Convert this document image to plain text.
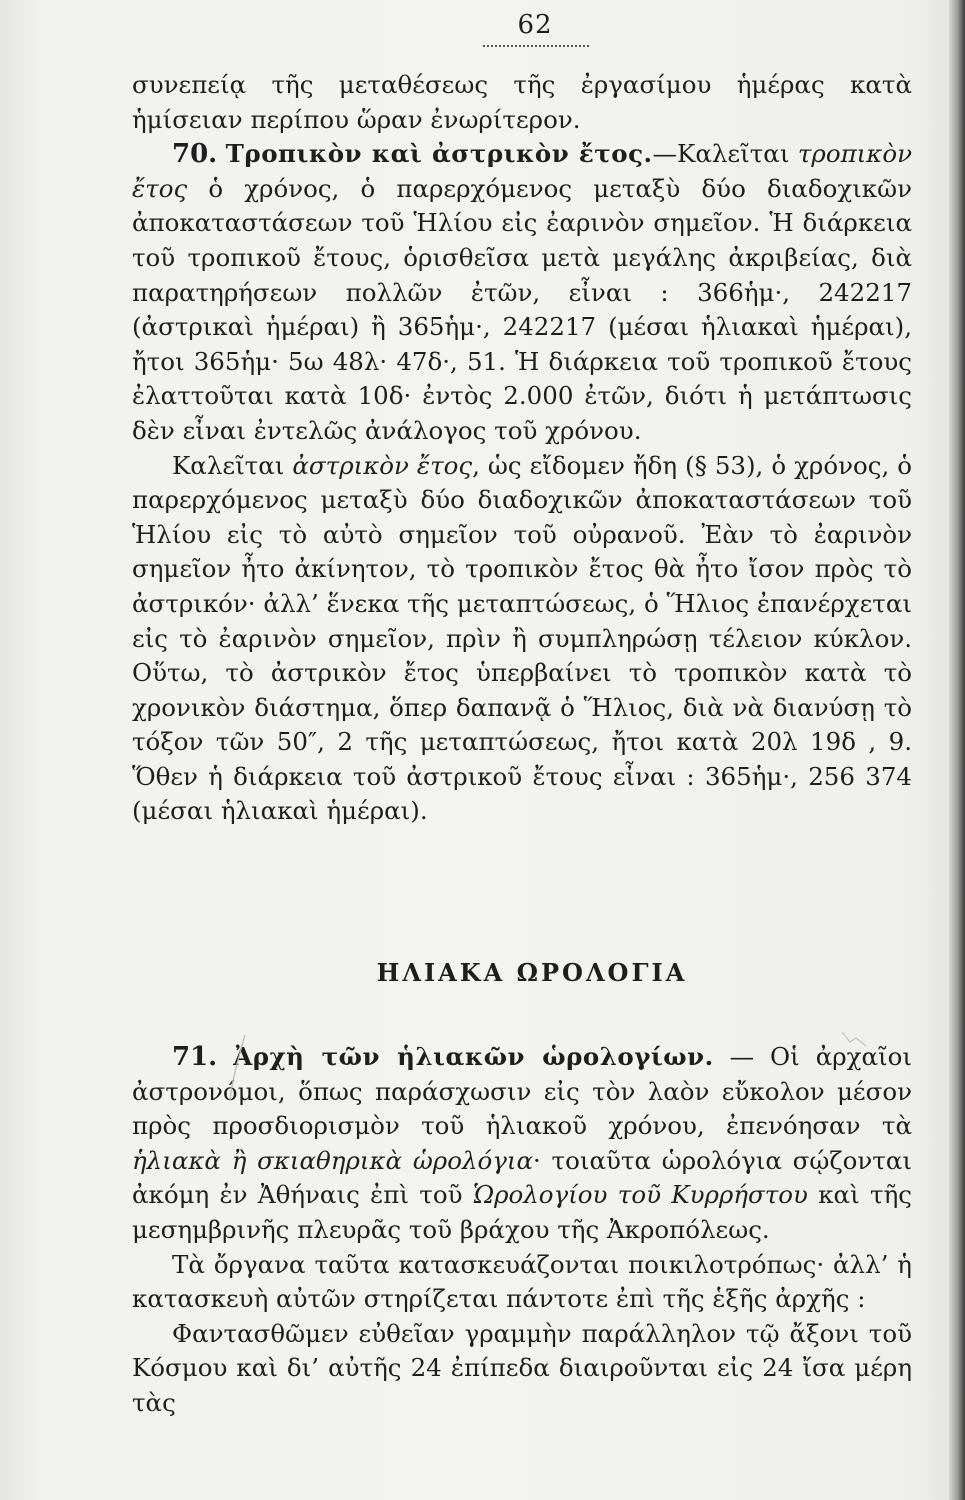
62

συνεπείᾳ τῆς μεταθέσεως τῆς ἐργασίμου ἡμέρας κατὰ ἡμίσειαν περίπου ὥραν ἐνωρίτερον.

70. Τροπικὸν καὶ ἀστρικὸν ἔτος.—Καλεῖται τροπικὸν ἔτος ὁ χρόνος, ὁ παρερχόμενος μεταξὺ δύο διαδοχικῶν ἀποκαταστάσεων τοῦ Ἡλίου εἰς ἐαρινὸν σημεῖον. Ἡ διάρκεια τοῦ τροπικοῦ ἔτους, ὁρισθεῖσα μετὰ μεγάλης ἀκριβείας, διὰ παρατηρήσεων πολλῶν ἐτῶν, εἶναι : 366ἡμ·, 242217 (ἀστρικαὶ ἡμέραι) ἢ 365ἡμ·, 242217 (μέσαι ἡλιακαὶ ἡμέραι), ἤτοι 365ἡμ· 5ω 48λ· 47δ·, 51. Ἡ διάρκεια τοῦ τροπικοῦ ἔτους ἐλαττοῦται κατὰ 10δ· ἐντὸς 2.000 ἐτῶν, διότι ἡ μετάπτωσις δὲν εἶναι ἐντελῶς ἀνάλογος τοῦ χρόνου.

Καλεῖται ἀστρικὸν ἔτος, ὡς εἴδομεν ἤδη (§ 53), ὁ χρόνος, ὁ παρερχόμενος μεταξὺ δύο διαδοχικῶν ἀποκαταστάσεων τοῦ Ἡλίου εἰς τὸ αὐτὸ σημεῖον τοῦ οὐρανοῦ. Ἐὰν τὸ ἐαρινὸν σημεῖον ἦτο ἀκίνητον, τὸ τροπικὸν ἔτος θὰ ἦτο ἴσον πρὸς τὸ ἀστρικόν· ἀλλ’ ἕνεκα τῆς μεταπτώσεως, ὁ Ἥλιος ἐπανέρχεται εἰς τὸ ἐαρινὸν σημεῖον, πρὶν ἢ συμπληρώσῃ τέλειον κύκλον. Οὕτω, τὸ ἀστρικὸν ἔτος ὑπερβαίνει τὸ τροπικὸν κατὰ τὸ χρονικὸν διάστημα, ὅπερ δαπανᾷ ὁ Ἥλιος, διὰ νὰ διανύσῃ τὸ τόξον τῶν 50″, 2 τῆς μεταπτώσεως, ἤτοι κατὰ 20λ 19δ , 9. Ὅθεν ἡ διάρκεια τοῦ ἀστρικοῦ ἔτους εἶναι : 365ἡμ·, 256 374 (μέσαι ἡλιακαὶ ἡμέραι).

ΗΛΙΑΚΑ ΩΡΟΛΟΓΙΑ

71. Ἀρχὴ τῶν ἡλιακῶν ὡρολογίων. — Οἱ ἀρχαῖοι ἀστρονόμοι, ὅπως παράσχωσιν εἰς τὸν λαὸν εὔκολον μέσον πρὸς προσδιορισμὸν τοῦ ἡλιακοῦ χρόνου, ἐπενόησαν τὰ ἡλιακὰ ἢ σκιαθηρικὰ ὡρολόγια· τοιαῦτα ὡρολόγια σῴζονται ἀκόμη ἐν Ἀθήναις ἐπὶ τοῦ Ὡρολογίου τοῦ Κυρρήστου καὶ τῆς μεσημβρινῆς πλευρᾶς τοῦ βράχου τῆς Ἀκροπόλεως.

Τὰ ὄργανα ταῦτα κατασκευάζονται ποικιλοτρόπως· ἀλλ’ ἡ κατασκευὴ αὐτῶν στηρίζεται πάντοτε ἐπὶ τῆς ἑξῆς ἀρχῆς :

Φαντασθῶμεν εὐθεῖαν γραμμὴν παράλληλον τῷ ἄξονι τοῦ Κόσμου καὶ δι’ αὐτῆς 24 ἐπίπεδα διαιροῦνται εἰς 24 ἴσα μέρη τὰς
